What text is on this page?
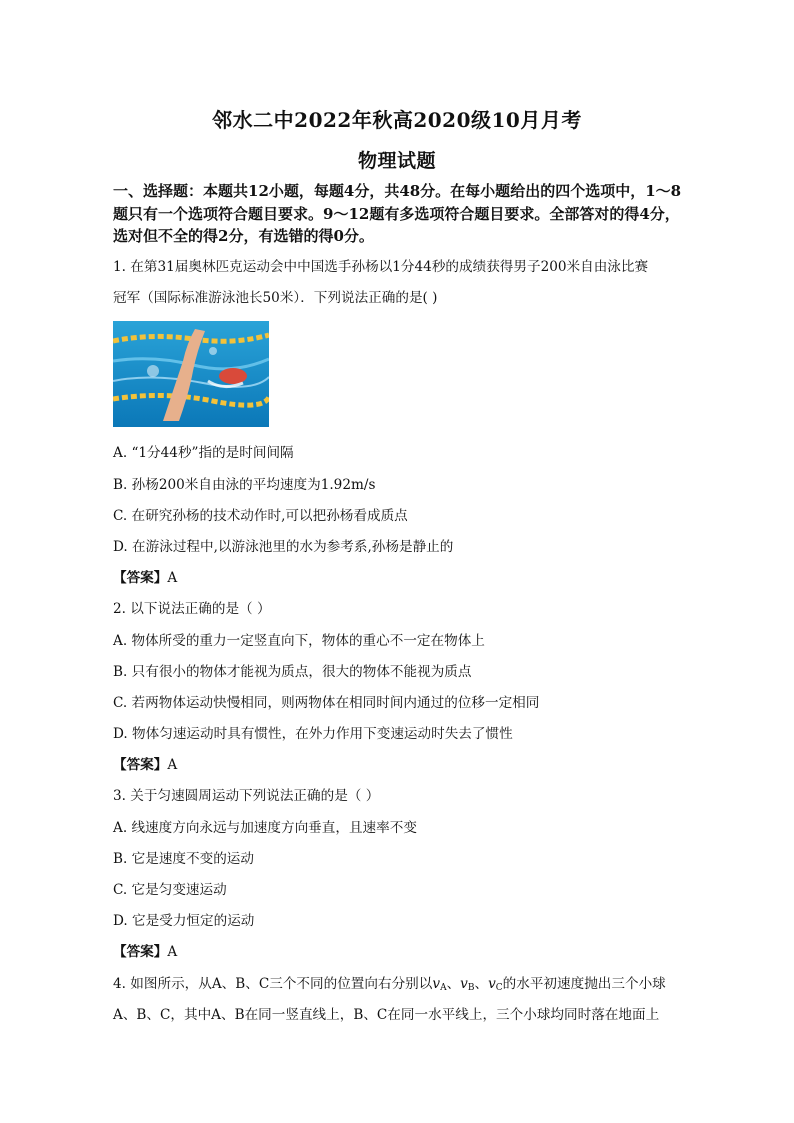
邻水二中2022年秋高2020级10月月考
物理试题
一、选择题：本题共12小题，每题4分，共48分。在每小题给出的四个选项中，1～8题只有一个选项符合题目要求。9～12题有多选项符合题目要求。全部答对的得4分，选对但不全的得2分，有选错的得0分。
1. 在第31届奥林匹克运动会中中国选手孙杨以1分44秒的成绩获得男子200米自由泳比赛
冠军（国际标准游泳池长50米）．下列说法正确的是( )
A. “1分44秒”指的是时间间隔
B. 孙杨200米自由泳的平均速度为1.92m/s
C. 在研究孙杨的技术动作时,可以把孙杨看成质点
D. 在游泳过程中,以游泳池里的水为参考系,孙杨是静止的
【答案】A
2. 以下说法正确的是（ ）
A. 物体所受的重力一定竖直向下，物体的重心不一定在物体上
B. 只有很小的物体才能视为质点，很大的物体不能视为质点
C. 若两物体运动快慢相同，则两物体在相同时间内通过的位移一定相同
D. 物体匀速运动时具有惯性，在外力作用下变速运动时失去了惯性
【答案】A
3. 关于匀速圆周运动下列说法正确的是（ ）
A. 线速度方向永远与加速度方向垂直，且速率不变
B. 它是速度不变的运动
C. 它是匀变速运动
D. 它是受力恒定的运动
【答案】A
4. 如图所示，从A、B、C三个不同的位置向右分别以$v_A$、$v_B$、$v_C$的水平初速度抛出三个小球
A、B、C，其中A、B在同一竖直线上，B、C在同一水平线上，三个小球均同时落在地面上
